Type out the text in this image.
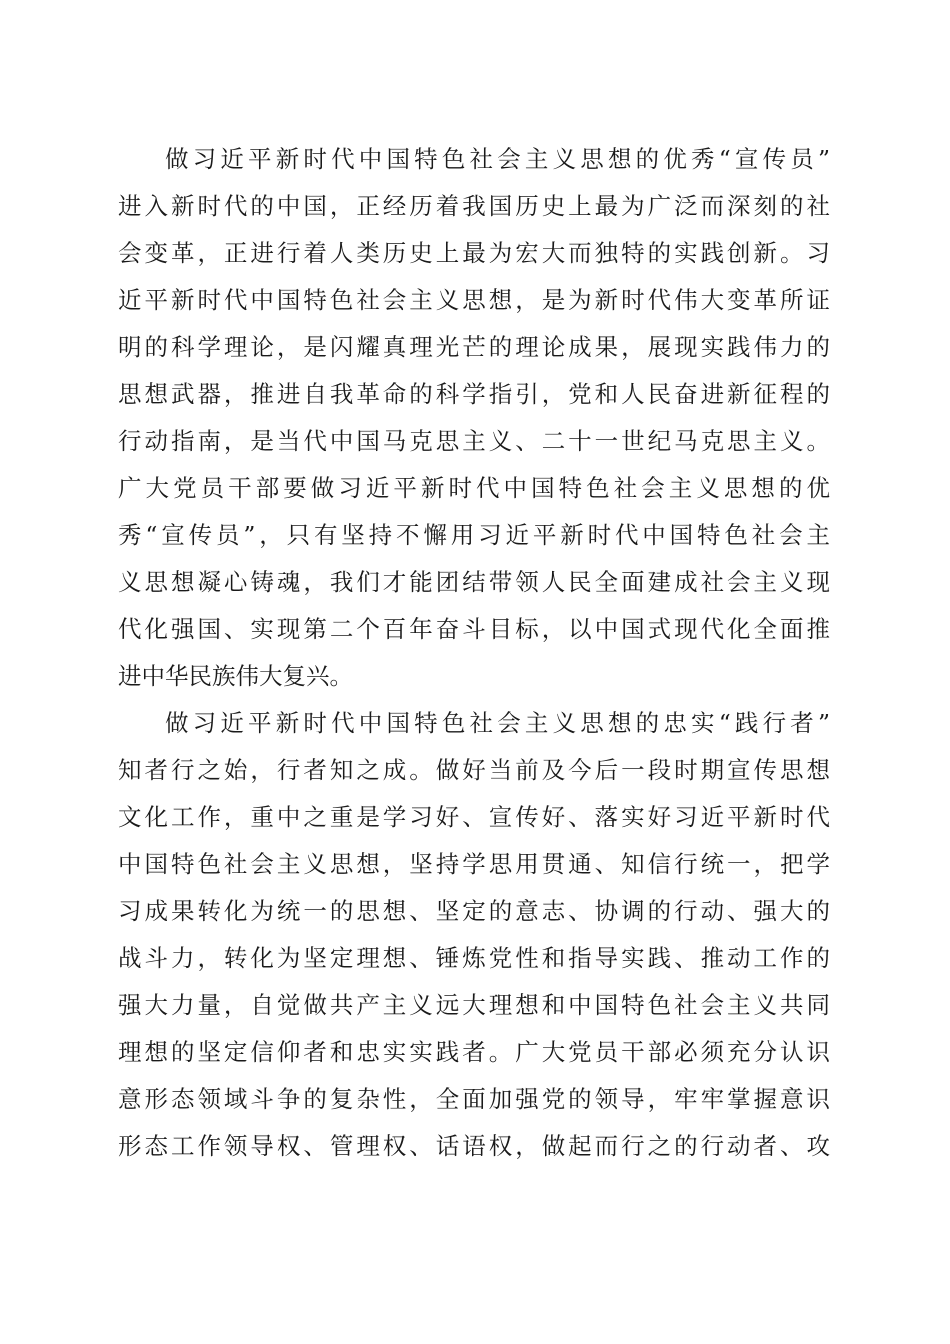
做习近平新时代中国特色社会主义思想的优秀“宣传员”
进入新时代的中国，正经历着我国历史上最为广泛而深刻的社
会变革，正进行着人类历史上最为宏大而独特的实践创新。习
近平新时代中国特色社会主义思想，是为新时代伟大变革所证
明的科学理论，是闪耀真理光芒的理论成果，展现实践伟力的
思想武器，推进自我革命的科学指引，党和人民奋进新征程的
行动指南，是当代中国马克思主义、二十一世纪马克思主义。
广大党员干部要做习近平新时代中国特色社会主义思想的优
秀“宣传员”，只有坚持不懈用习近平新时代中国特色社会主
义思想凝心铸魂，我们才能团结带领人民全面建成社会主义现
代化强国、实现第二个百年奋斗目标，以中国式现代化全面推
进中华民族伟大复兴。
做习近平新时代中国特色社会主义思想的忠实“践行者”
知者行之始，行者知之成。做好当前及今后一段时期宣传思想
文化工作，重中之重是学习好、宣传好、落实好习近平新时代
中国特色社会主义思想，坚持学思用贯通、知信行统一，把学
习成果转化为统一的思想、坚定的意志、协调的行动、强大的
战斗力，转化为坚定理想、锤炼党性和指导实践、推动工作的
强大力量，自觉做共产主义远大理想和中国特色社会主义共同
理想的坚定信仰者和忠实实践者。广大党员干部必须充分认识
意形态领域斗争的复杂性，全面加强党的领导，牢牢掌握意识
形态工作领导权、管理权、话语权，做起而行之的行动者、攻
